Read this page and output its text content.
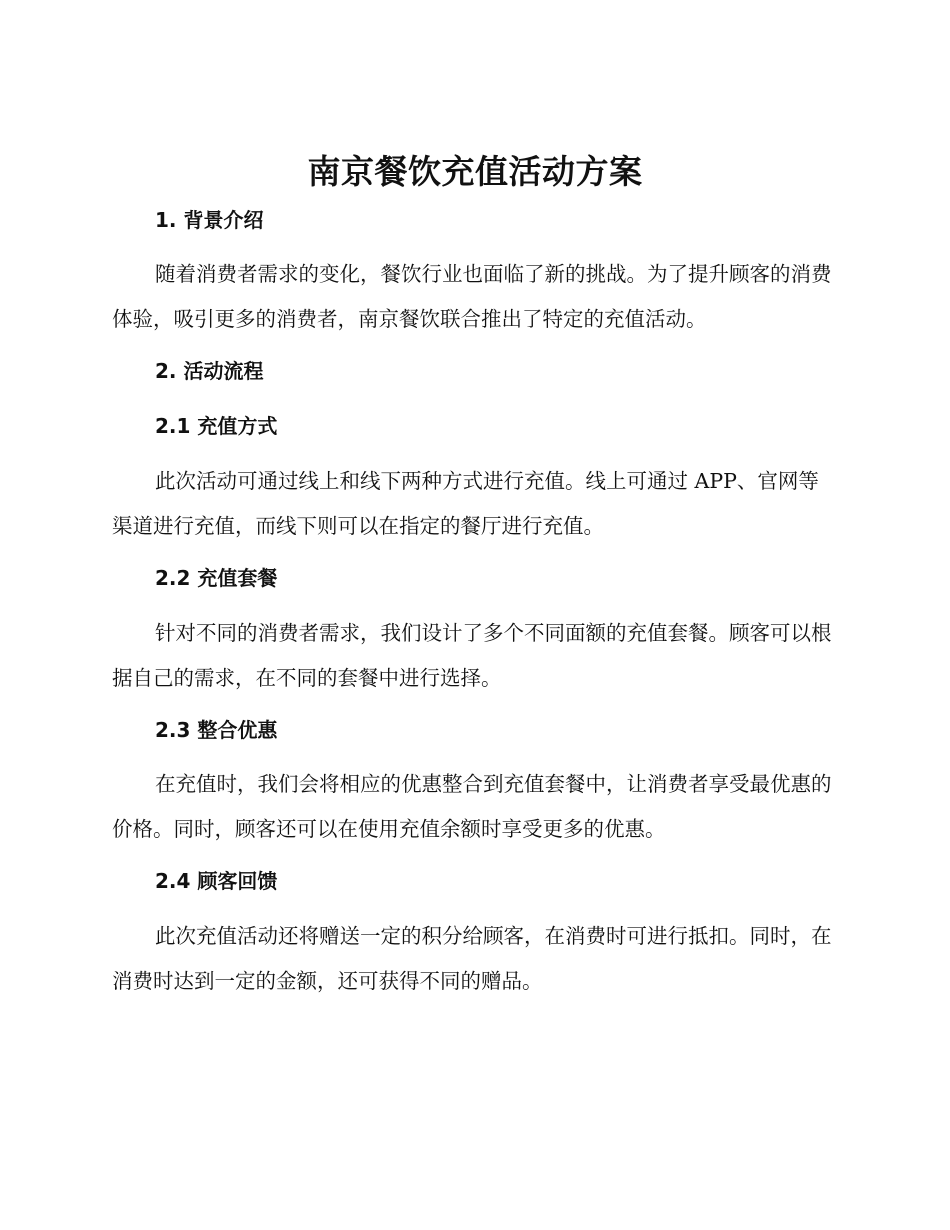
南京餐饮充值活动方案
1. 背景介绍

随着消费者需求的变化，餐饮行业也面临了新的挑战。为了提升顾客的消费体验，吸引更多的消费者，南京餐饮联合推出了特定的充值活动。

2. 活动流程
2.1 充值方式

此次活动可通过线上和线下两种方式进行充值。线上可通过 APP、官网等渠道进行充值，而线下则可以在指定的餐厅进行充值。

2.2 充值套餐

针对不同的消费者需求，我们设计了多个不同面额的充值套餐。顾客可以根据自己的需求，在不同的套餐中进行选择。

2.3 整合优惠

在充值时，我们会将相应的优惠整合到充值套餐中，让消费者享受最优惠的价格。同时，顾客还可以在使用充值余额时享受更多的优惠。

2.4 顾客回馈

此次充值活动还将赠送一定的积分给顾客，在消费时可进行抵扣。同时，在消费时达到一定的金额，还可获得不同的赠品。
